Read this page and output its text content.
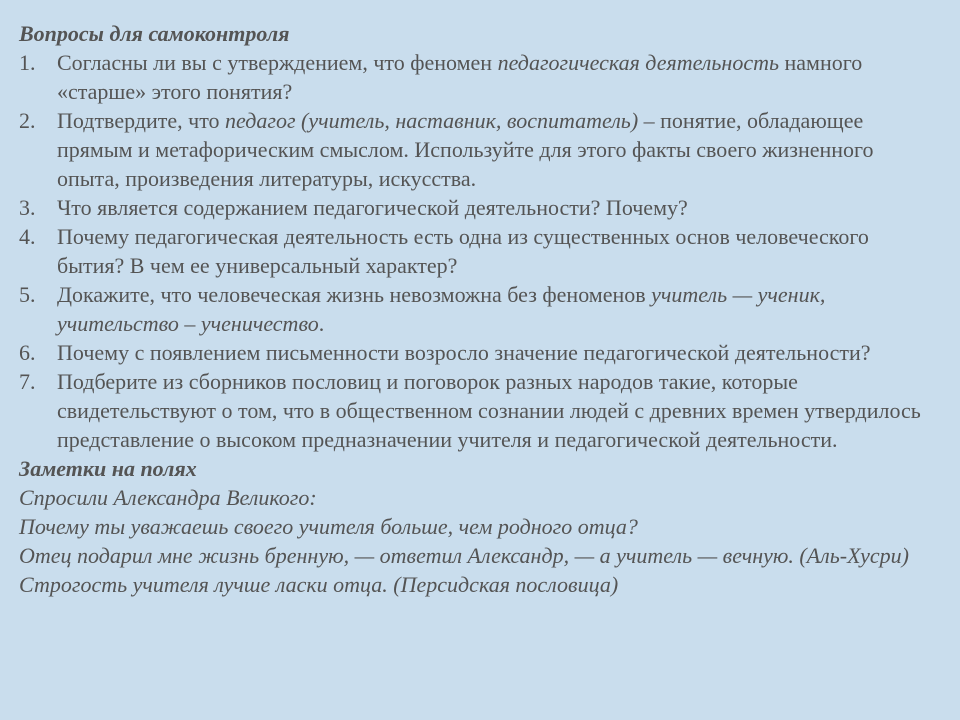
Вопросы для самоконтроля

1. Согласны ли вы с утверждением, что феномен педагогическая деятельность намного «старше» этого понятия?
2. Подтвердите, что педагог (учитель, наставник, воспитатель) – понятие, обладающее прямым и метафорическим смыслом. Используйте для этого факты своего жизненного опыта, произведения литературы, искусства.
3. Что является содержанием педагогической деятельности? Почему?
4. Почему педагогическая деятельность есть одна из существенных основ человеческого бытия? В чем ее универсальный характер?
5. Докажите, что человеческая жизнь невозможна без феноменов учитель — ученик, учительство – ученичество.
6. Почему с появлением письменности возросло значение педагогической деятельности?
7. Подберите из сборников пословиц и поговорок разных народов такие, которые свидетельствуют о том, что в общественном сознании людей с древних времен утвердилось представление о высоком предназначении учителя и педагогической деятельности.

Заметки на полях

Спросили Александра Великого:

Почему ты уважаешь своего учителя больше, чем родного отца?

Отец подарил мне жизнь бренную, — ответил Александр, — а учитель — вечную. (Аль-Хусри)

Строгость учителя лучше ласки отца. (Персидская пословица)
